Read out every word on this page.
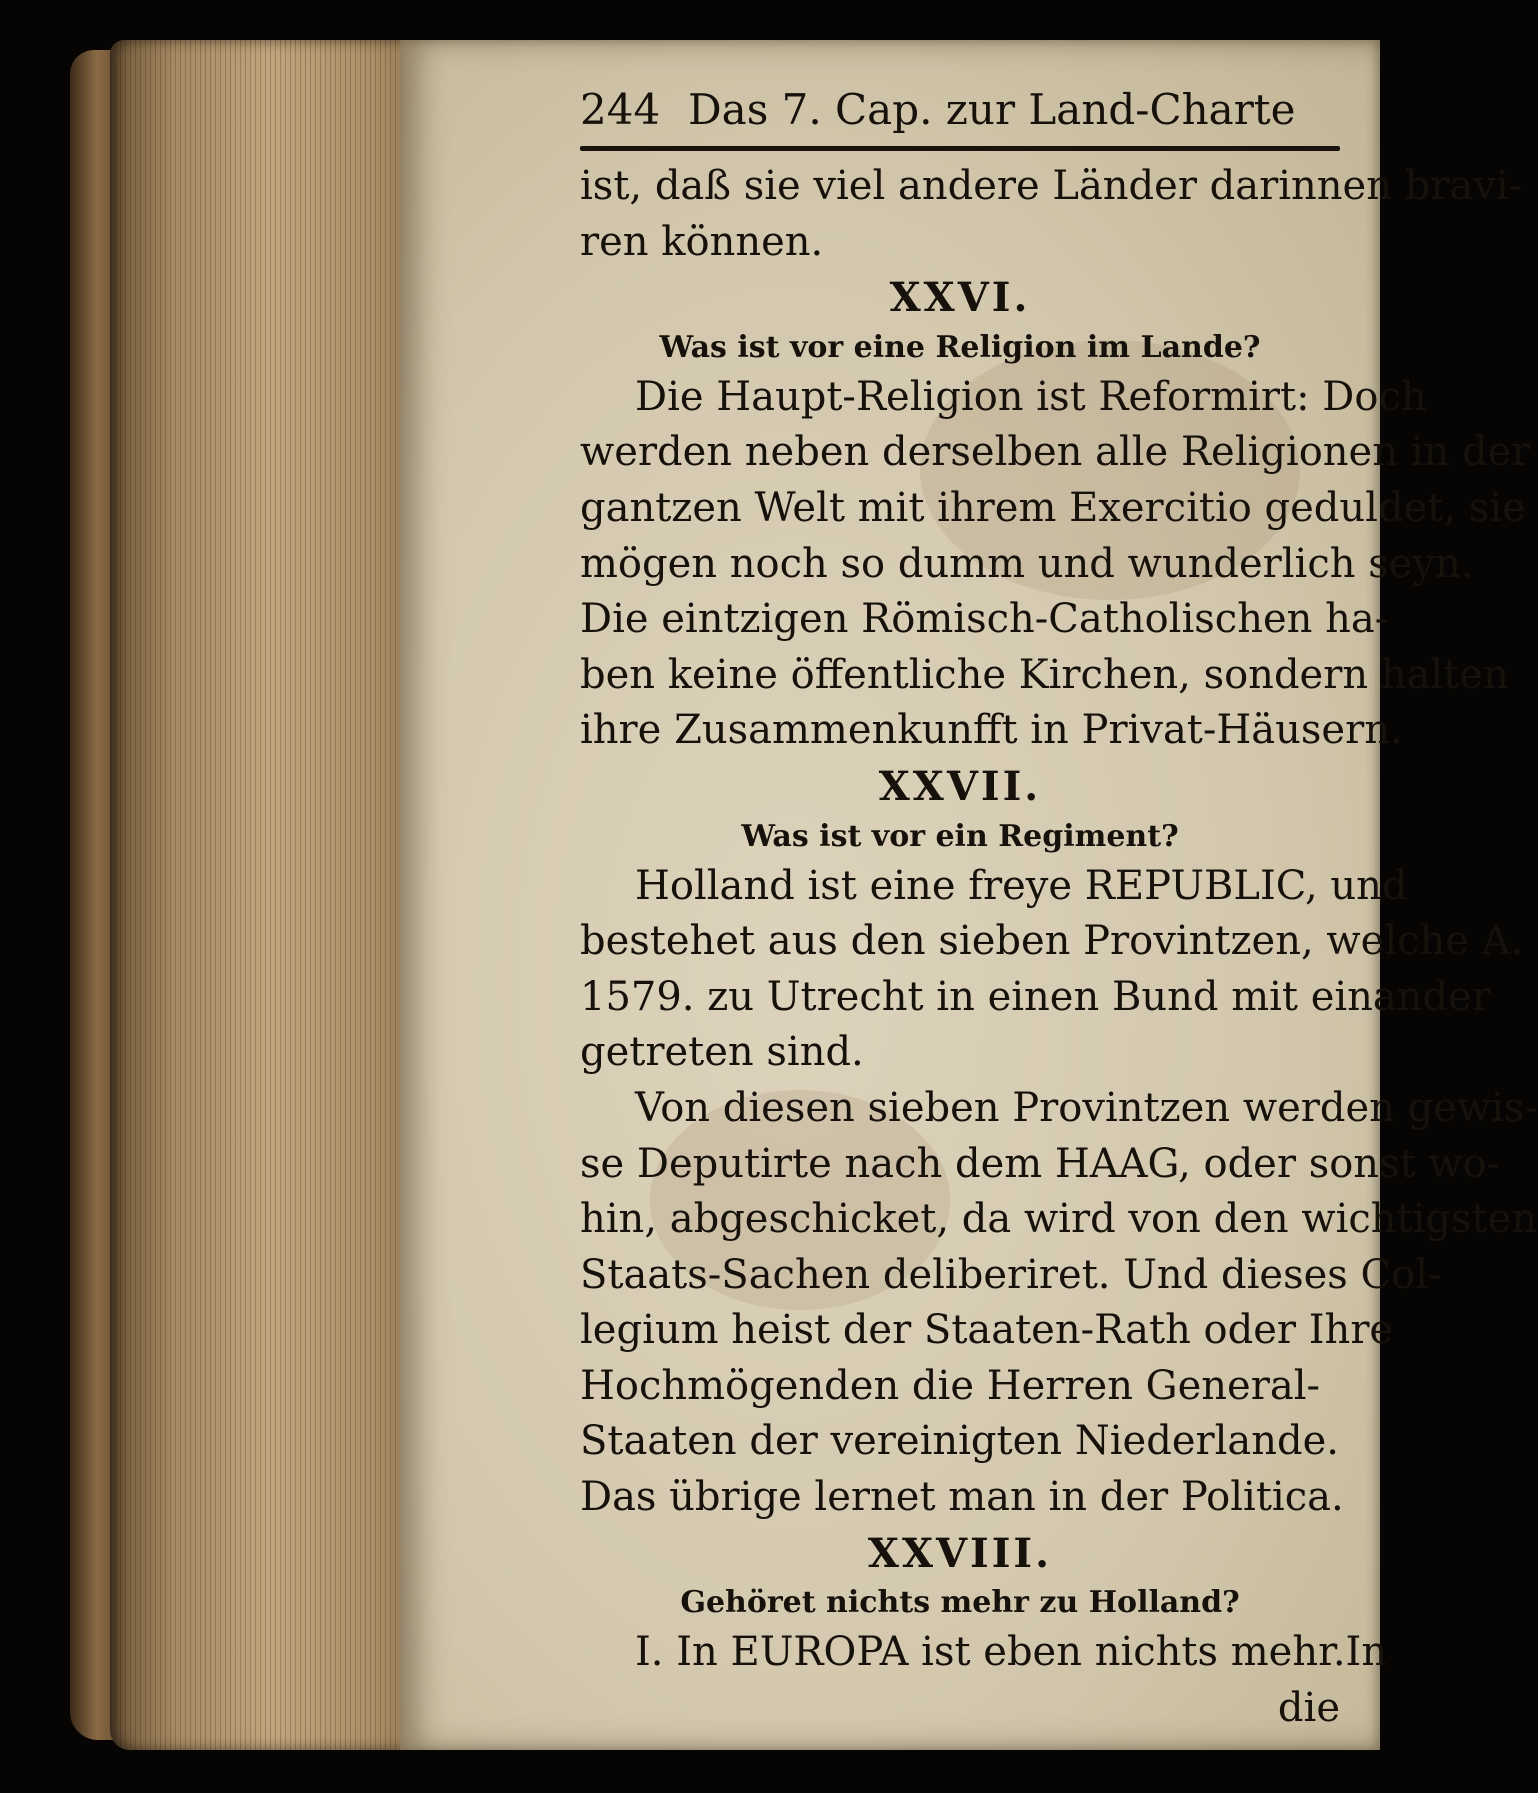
244 Das 7. Cap. zur Land-Charte
ist, daß sie viel andere Länder darinnen bravi-
ren können.
XXVI.
Was ist vor eine Religion im Lande?
Die Haupt-Religion ist Reformirt: Doch
werden neben derselben alle Religionen in der
gantzen Welt mit ihrem Exercitio geduldet, sie
mögen noch so dumm und wunderlich seyn.
Die eintzigen Römisch-Catholischen ha-
ben keine öffentliche Kirchen, sondern halten
ihre Zusammenkunfft in Privat-Häusern.
XXVII.
Was ist vor ein Regiment?
Holland ist eine freye REPUBLIC, und
bestehet aus den sieben Provintzen, welche A.
1579. zu Utrecht in einen Bund mit einander
getreten sind.
Von diesen sieben Provintzen werden gewis-
se Deputirte nach dem HAAG, oder sonst wo-
hin, abgeschicket, da wird von den wichtigsten
Staats-Sachen deliberiret. Und dieses Col-
legium heist der Staaten-Rath oder Ihre
Hochmögenden die Herren General-
Staaten der vereinigten Niederlande.
Das übrige lernet man in der Politica.
XXVIII.
Gehöret nichts mehr zu Holland?
I. In EUROPA ist eben nichts mehr. In
die
